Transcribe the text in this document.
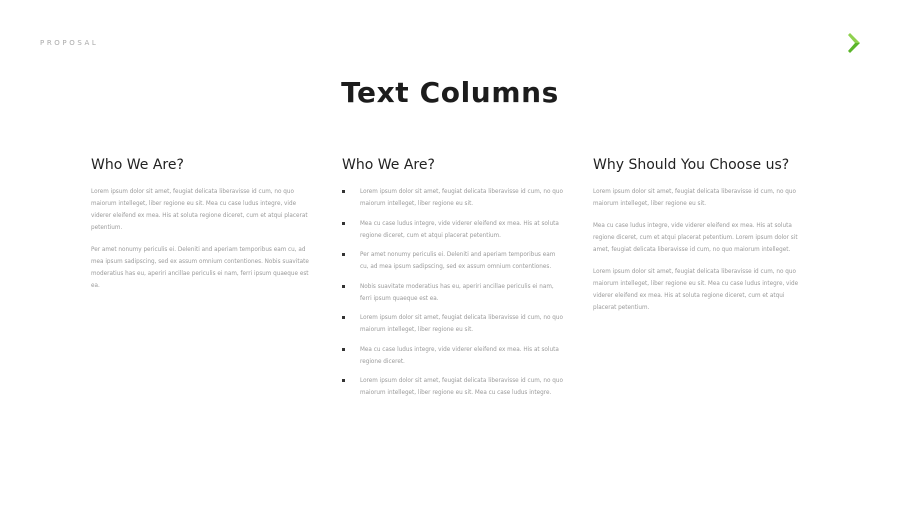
PROPOSAL
Text Columns
Who We Are?

Lorem ipsum dolor sit amet, feugiat delicata liberavisse id cum, no quo maiorum intelleget, liber regione eu sit. Mea cu case ludus integre, vide viderer eleifend ex mea. His at soluta regione diceret, cum et atqui placerat petentium.

Per amet nonumy periculis ei. Deleniti and aperiam temporibus eam cu, ad mea ipsum sadipscing, sed ex assum omnium contentiones. Nobis suavitate moderatius has eu, aperiri ancillae periculis ei nam, ferri ipsum quaeque est ea.

Who We Are?
Lorem ipsum dolor sit amet, feugiat delicata liberavisse id cum, no quo maiorum intelleget, liber regione eu sit.
Mea cu case ludus integre, vide viderer eleifend ex mea. His at soluta regione diceret, cum et atqui placerat petentium.
Per amet nonumy periculis ei. Deleniti and aperiam temporibus eam cu, ad mea ipsum sadipscing, sed ex assum omnium contentiones.
Nobis suavitate moderatius has eu, aperiri ancillae periculis ei nam, ferri ipsum quaeque est ea.
Lorem ipsum dolor sit amet, feugiat delicata liberavisse id cum, no quo maiorum intelleget, liber regione eu sit.
Mea cu case ludus integre, vide viderer eleifend ex mea. His at soluta regione diceret.
Lorem ipsum dolor sit amet, feugiat delicata liberavisse id cum, no quo maiorum intelleget, liber regione eu sit. Mea cu case ludus integre.
Why Should You Choose us?

Lorem ipsum dolor sit amet, feugiat delicata liberavisse id cum, no quo maiorum intelleget, liber regione eu sit.

Mea cu case ludus integre, vide viderer eleifend ex mea. His at soluta regione diceret, cum et atqui placerat petentium. Lorem ipsum dolor sit amet, feugiat delicata liberavisse id cum, no quo maiorum intelleget.

Lorem ipsum dolor sit amet, feugiat delicata liberavisse id cum, no quo maiorum intelleget, liber regione eu sit. Mea cu case ludus integre, vide viderer eleifend ex mea. His at soluta regione diceret, cum et atqui placerat petentium.
